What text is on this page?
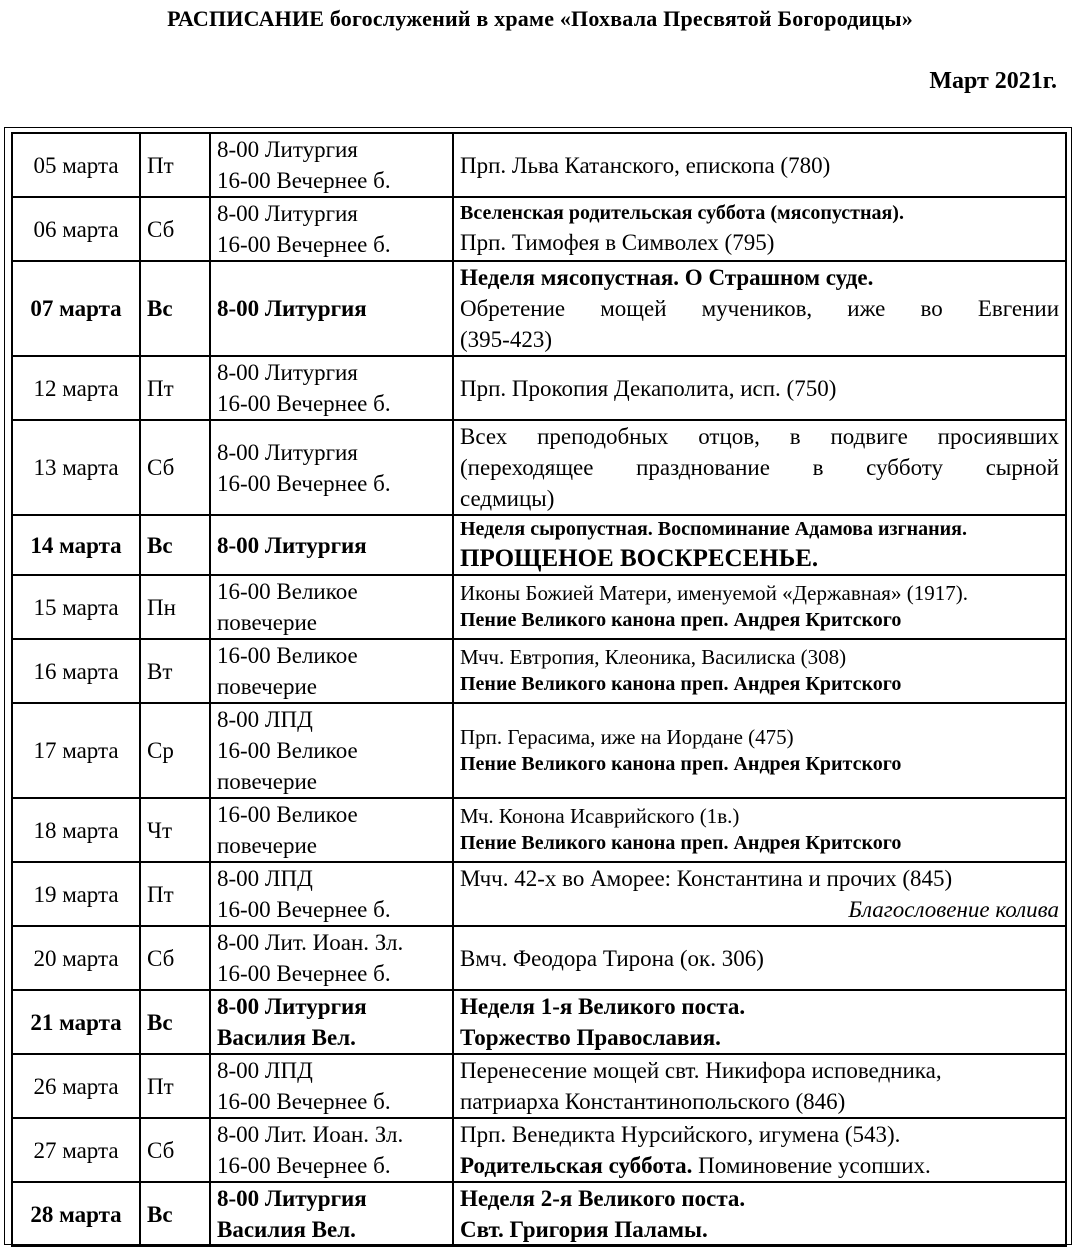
РАСПИСАНИЕ богослужений в храме «Похвала Пресвятой Богородицы»
Март 2021г.
05 марта	Пт	8-00 Литургия
16-00 Вечернее б.	Прп. Льва Катанского, епископа (780)

06 марта	Сб	8-00 Литургия
16-00 Вечернее б.	Вселенская родительская суббота (мясопустная).
Прп. Тимофея в Символех (795)

07 марта	Вс	8-00 Литургия	Неделя мясопустная. О Страшном суде.
Обретение мощей мучеников, иже во Евгении
(395-423)

12 марта	Пт	8-00 Литургия
16-00 Вечернее б.	Прп. Прокопия Декаполита, исп. (750)

13 марта	Сб	8-00 Литургия
16-00 Вечернее б.	Всех преподобных отцов, в подвиге просиявших
(переходящее празднование в субботу сырной
седмицы)

14 марта	Вс	8-00 Литургия	Неделя сыропустная. Воспоминание Адамова изгнания.
ПРОЩЕНОЕ ВОСКРЕСЕНЬЕ.

15 марта	Пн	16-00 Великое
повечерие	Иконы Божией Матери, именуемой «Державная» (1917).
Пение Великого канона преп. Андрея Критского

16 марта	Вт	16-00 Великое
повечерие	Мчч. Евтропия, Клеоника, Василиска (308)
Пение Великого канона преп. Андрея Критского

17 марта	Ср	8-00 ЛПД
16-00 Великое
повечерие	Прп. Герасима, иже на Иордане (475)
Пение Великого канона преп. Андрея Критского

18 марта	Чт	16-00 Великое
повечерие	Мч. Конона Исаврийского (1в.)
Пение Великого канона преп. Андрея Критского

19 марта	Пт	8-00 ЛПД
16-00 Вечернее б.	Мчч. 42-х во Аморее: Константина и прочих (845)
Благословение колива

20 марта	Сб	8-00 Лит. Иоан. Зл.
16-00 Вечернее б.	Вмч. Феодора Тирона (ок. 306)

21 марта	Вс	8-00 Литургия
Василия Вел.	Неделя 1-я Великого поста.
Торжество Православия.

26 марта	Пт	8-00 ЛПД
16-00 Вечернее б.	Перенесение мощей свт. Никифора исповедника,
патриарха Константинопольского (846)

27 марта	Сб	8-00 Лит. Иоан. Зл.
16-00 Вечернее б.	Прп. Венедикта Нурсийского, игумена (543).
Родительская суббота. Поминовение усопших.

28 марта	Вс	8-00 Литургия
Василия Вел.	Неделя 2-я Великого поста.
Свт. Григория Паламы.
